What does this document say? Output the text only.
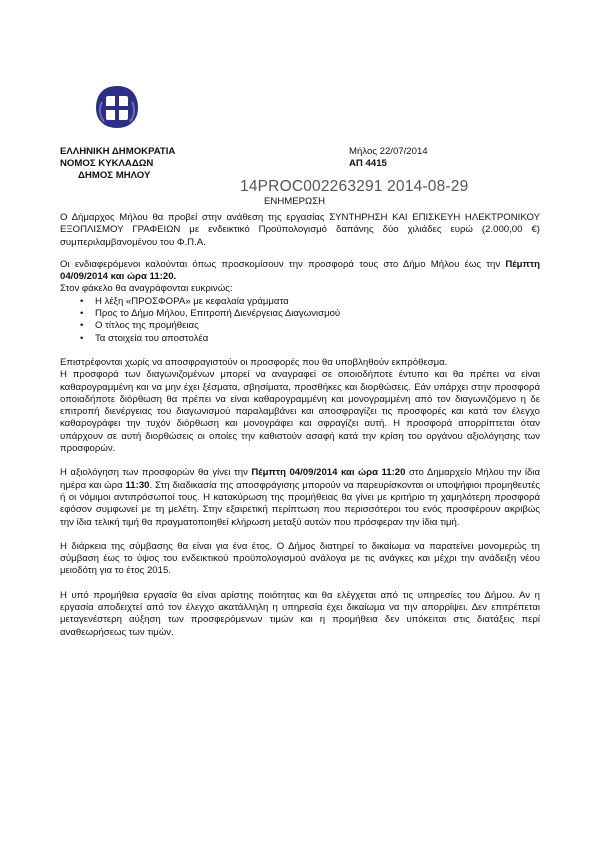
ΕΛΛΗΝΙΚΗ ΔΗΜΟΚΡΑΤΙΑ
ΝΟΜΟΣ ΚΥΚΛΑΔΩΝ
ΔΗΜΟΣ ΜΗΛΟΥ
Μήλος 22/07/2014
ΑΠ 4415
14PROC002263291 2014-08-29
ΕΝΗΜΕΡΩΣΗ

Ο Δήμαρχος Μήλου θα προβεί στην ανάθεση της εργασίας ΣΥΝΤΗΡΗΣΗ ΚΑΙ ΕΠΙΣΚΕΥΗ ΗΛΕΚΤΡΟΝΙΚΟΥ ΕΞΟΠΛΙΣΜΟΥ ΓΡΑΦΕΙΩΝ με ενδεικτικό Προϋπολογισμό δαπάνης δύο χιλιάδες ευρώ (2.000,00 €) συμπεριλαμβανομένου του Φ.Π.Α.

Οι ενδιαφερόμενοι καλούνται όπως προσκομίσουν την προσφορά τους στο Δήμο Μήλου έως την Πέμπτη 04/09/2014 και ώρα 11:20.

Στον φάκελο θα αναγράφονται ευκρινώς:

• Η λέξη «ΠΡΟΣΦΟΡΑ» με κεφαλαία γράμματα
• Προς το Δήμο Μήλου, Επιτροπή Διενέργειας Διαγωνισμού
• Ο τίτλος της προμήθειας
• Τα στοιχεία του αποστολέα

Επιστρέφονται χωρίς να αποσφραγιστούν οι προσφορές που θα υποβληθούν εκπρόθεσμα.

Η προσφορά των διαγωνιζομένων μπορεί να αναγραφεί σε οποιοδήποτε έντυπο και θα πρέπει να είναι καθαρογραμμένη και να μην έχει ξέσματα, σβησίματα, προσθήκες και διορθώσεις. Εάν υπάρχει στην προσφορά οποιαδήποτε διόρθωση θα πρέπει να είναι καθαρογραμμένη και μονογραμμένη από τον διαγωνιζόμενο η δε επιτροπή διενέργειας του διαγωνισμού παραλαμβάνει και αποσφραγίζει τις προσφορές και κατά τον έλεγχο καθαρογράφει την τυχόν διόρθωση και μονογράφει και σφραγίζει αυτή. Η προσφορά απορρίπτεται όταν υπάρχουν σε αυτή διορθώσεις οι οποίες την καθιστούν ασαφή κατά την κρίση του οργάνου αξιολόγησης των προσφορών.

Η αξιολόγηση των προσφορών θα γίνει την Πέμπτη 04/09/2014 και ώρα 11:20 στο Δημαρχείο Μήλου την ίδια ημέρα και ώρα 11:30. Στη διαδικασία της αποσφράγισης μπορούν να παρευρίσκονται οι υποψήφιοι προμηθευτές ή οι νόμιμοι αντιπρόσωποί τους. Η κατακύρωση της προμήθειας θα γίνει με κριτήριο τη χαμηλότερη προσφορά εφόσον συμφωνεί με τη μελέτη. Στην εξαιρετική περίπτωση που περισσότεροι του ενός προσφέρουν ακριβώς την ίδια τελική τιμή θα πραγματοποιηθεί κλήρωση μεταξύ αυτών που πρόσφεραν την ίδια τιμή.

Η διάρκεια της σύμβασης θα είναι για ένα έτος. Ο Δήμος διατηρεί το δικαίωμα να παρατείνει μονομερώς τη σύμβαση έως το ύψος του ενδεικτικού προϋπολογισμού ανάλογα με τις ανάγκες και μέχρι την ανάδειξη νέου μειοδότη για το έτος 2015.

Η υπό προμήθεια εργασία θα είναι αρίστης ποιότητας και θα ελέγχεται από τις υπηρεσίες του Δήμου. Αν η εργασία αποδειχτεί από τον έλεγχο ακατάλληλη η υπηρεσία έχει δικαίωμα να την απορρίψει. Δεν επιτρέπεται μεταγενέστερη αύξηση των προσφερόμενων τιμών και η προμήθεια δεν υπόκειται στις διατάξεις περί αναθεωρήσεως των τιμών.
